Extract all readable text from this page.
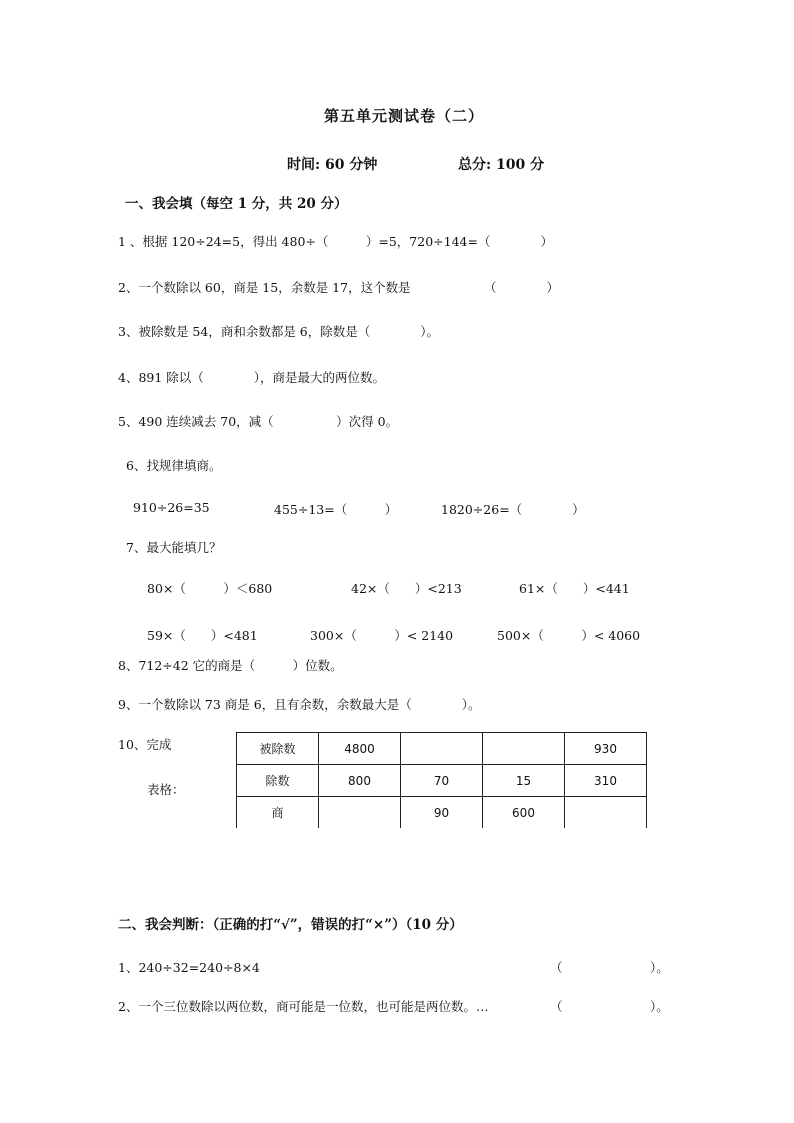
第五单元测试卷（二）
时间: 60 分钟	总分: 100 分
一、我会填（每空 1 分，共 20 分）
1 、根据 120÷24=5，得出 480÷（　　　）=5，720÷144=（　　　　）
2、一个数除以 60，商是 15，余数是 17，这个数是	（　　　　）
3、被除数是 54，商和余数都是 6，除数是（　　　　）。
4、891 除以（　　　　），商是最大的两位数。
5、490 连续减去 70，减（　　　　　）次得 0。
6、找规律填商。
910÷26=35	455÷13=（　　　）	1820÷26=（　　　　）
7、最大能填几？
80×（　　　）＜680	42×（　　）<213	61×（　　）<441
59×（　　）<481	300×（　　　）< 2140	500×（　　　）< 4060
8、712÷42 它的商是（　　　）位数。
9、一个数除以 73 商是 6，且有余数，余数最大是（　　　　）。
10、完成
表格：
被除数	4800			930
除数	800	70	15	310
商		90	600	
二、我会判断：（正确的打“√”，错误的打“×”）（10 分）
1、240÷32=240÷8×4	（　　　　　　　）。
2、一个三位数除以两位数，商可能是一位数，也可能是两位数。…	（　　　　　　　）。
